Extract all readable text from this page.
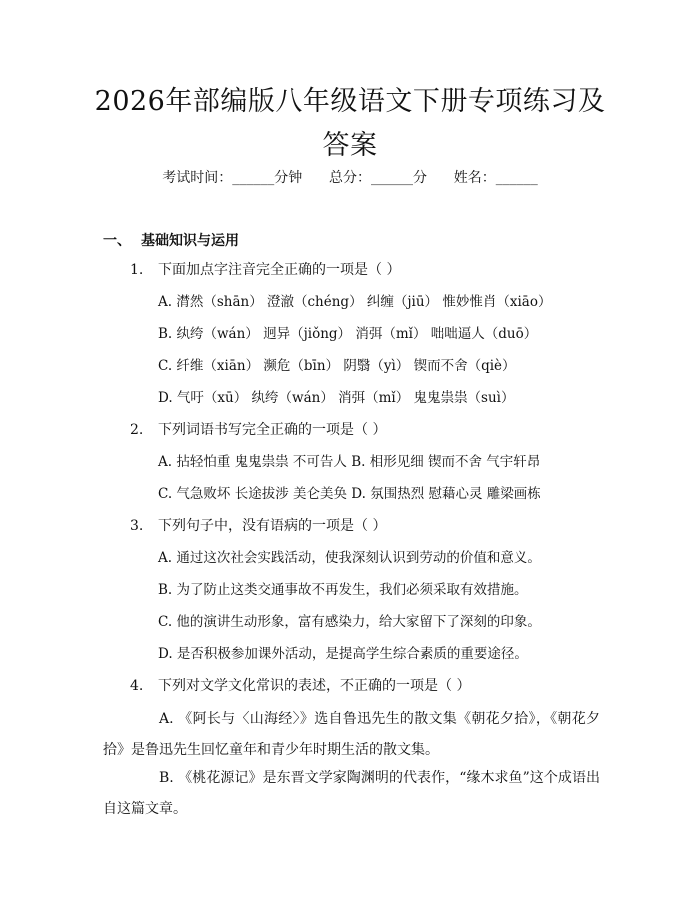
2026年部编版八年级语文下册专项练习及答案
考试时间：______分钟 总分：______分 姓名：______
一、 基础知识与运用
1. 下面加点字注音完全正确的一项是（ ）
A. 潸然（shān） 澄澈（chéng） 纠缠（jiū） 惟妙惟肖（xiāo）
B. 纨绔（wán） 迥异（jiǒng） 消弭（mǐ） 咄咄逼人（duō）
C. 纤维（xiān） 濒危（bīn） 阴翳（yì） 锲而不舍（qiè）
D. 气吁（xū） 纨绔（wán） 消弭（mǐ） 鬼鬼祟祟（suì）
2. 下列词语书写完全正确的一项是（ ）
A. 拈轻怕重 鬼鬼祟祟 不可告人 B. 相形见细 锲而不舍 气宇轩昂
C. 气急败坏 长途拔涉 美仑美奂 D. 氛围热烈 慰藉心灵 雕梁画栋
3. 下列句子中，没有语病的一项是（ ）
A. 通过这次社会实践活动，使我深刻认识到劳动的价值和意义。
B. 为了防止这类交通事故不再发生，我们必须采取有效措施。
C. 他的演讲生动形象，富有感染力，给大家留下了深刻的印象。
D. 是否积极参加课外活动，是提高学生综合素质的重要途径。
4. 下列对文学文化常识的表述，不正确的一项是（ ）
A. 《阿长与〈山海经〉》选自鲁迅先生的散文集《朝花夕拾》，《朝花夕拾》是鲁迅先生回忆童年和青少年时期生活的散文集。
B. 《桃花源记》是东晋文学家陶渊明的代表作，“缘木求鱼”这个成语出自这篇文章。
